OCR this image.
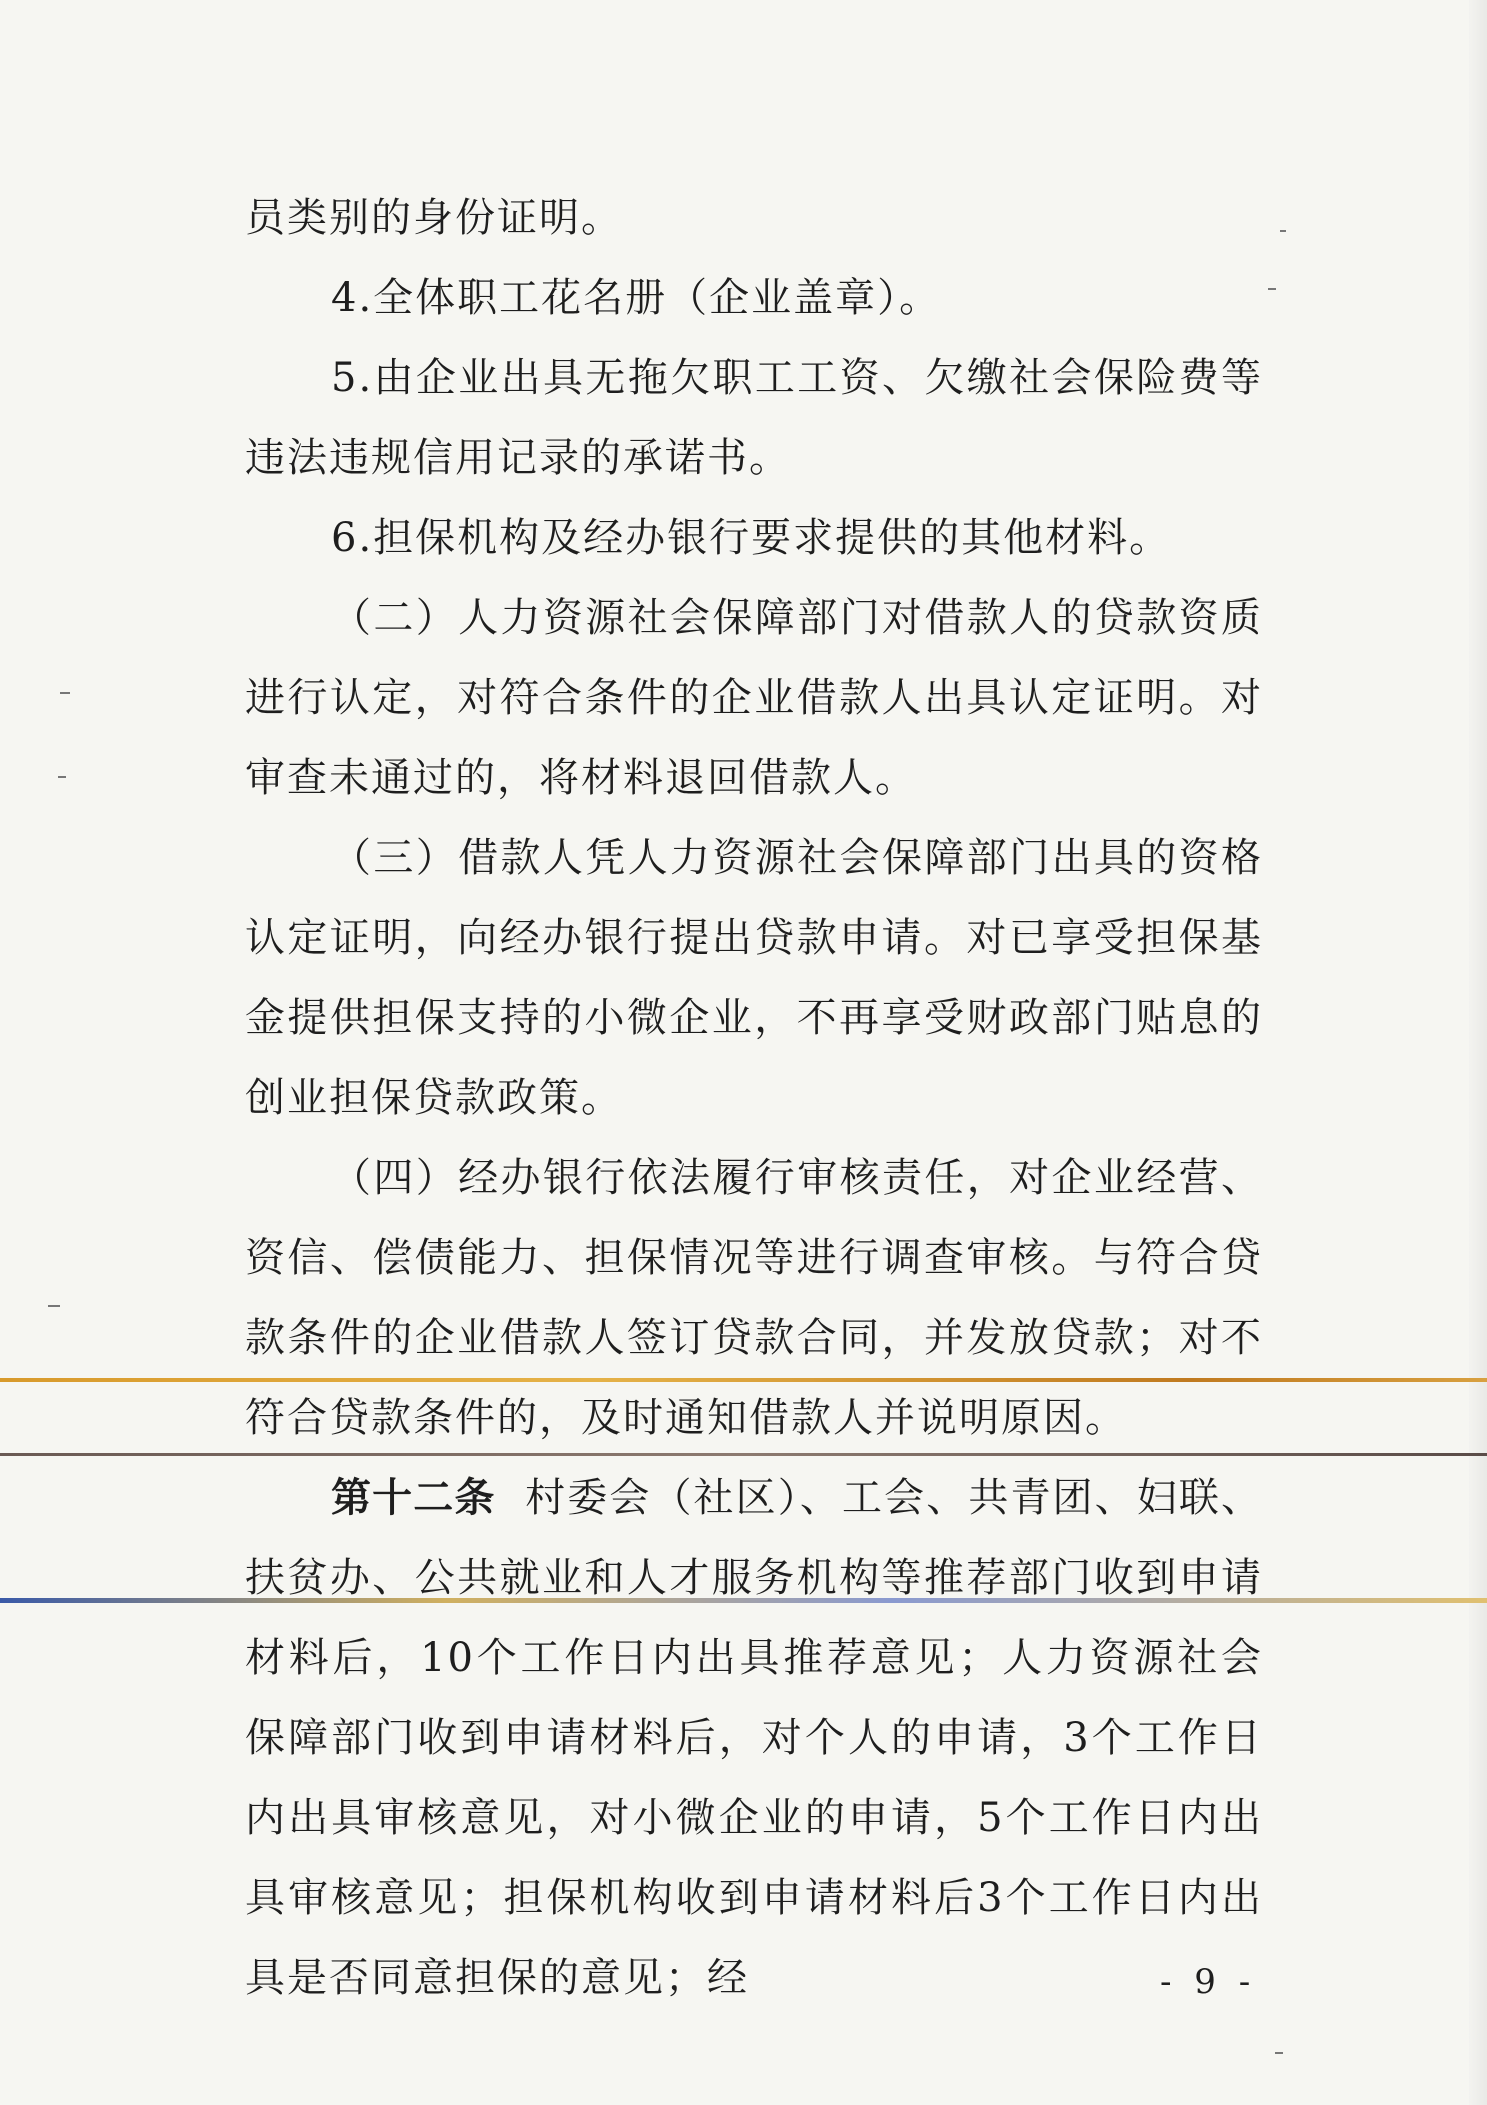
员类别的身份证明。

4.全体职工花名册（企业盖章）。

5.由企业出具无拖欠职工工资、欠缴社会保险费等违法违规信用记录的承诺书。

6.担保机构及经办银行要求提供的其他材料。

（二）人力资源社会保障部门对借款人的贷款资质进行认定，对符合条件的企业借款人出具认定证明。对审查未通过的，将材料退回借款人。

（三）借款人凭人力资源社会保障部门出具的资格认定证明，向经办银行提出贷款申请。对已享受担保基金提供担保支持的小微企业，不再享受财政部门贴息的创业担保贷款政策。

（四）经办银行依法履行审核责任，对企业经营、资信、偿债能力、担保情况等进行调查审核。与符合贷款条件的企业借款人签订贷款合同，并发放贷款；对不符合贷款条件的，及时通知借款人并说明原因。

第十二条 村委会（社区）、工会、共青团、妇联、扶贫办、公共就业和人才服务机构等推荐部门收到申请材料后，10个工作日内出具推荐意见；人力资源社会保障部门收到申请材料后，对个人的申请，3个工作日内出具审核意见，对小微企业的申请，5个工作日内出具审核意见；担保机构收到申请材料后3个工作日内出具是否同意担保的意见；经	- 9 -
